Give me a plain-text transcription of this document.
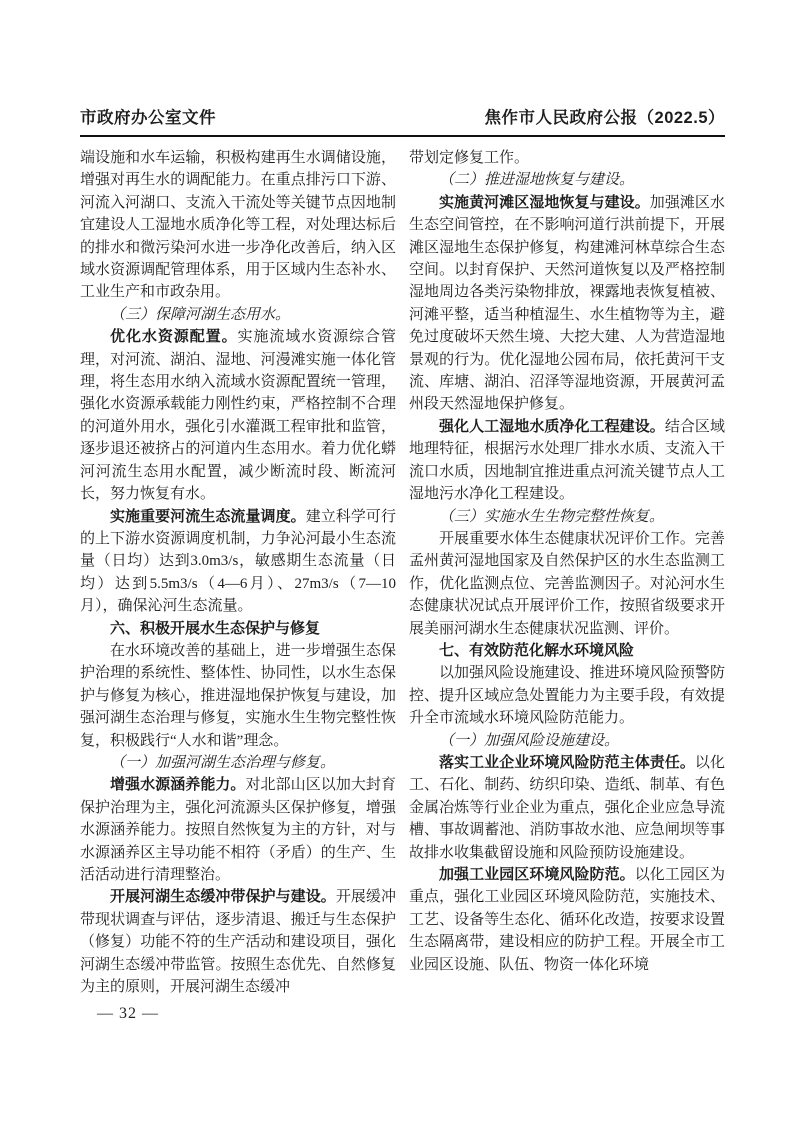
市政府办公室文件	焦作市人民政府公报（2022.5）

端设施和水车运输，积极构建再生水调储设施，增强对再生水的调配能力。在重点排污口下游、河流入河湖口、支流入干流处等关键节点因地制宜建设人工湿地水质净化等工程，对处理达标后的排水和微污染河水进一步净化改善后，纳入区域水资源调配管理体系，用于区域内生态补水、工业生产和市政杂用。

（三）保障河湖生态用水。

优化水资源配置。实施流域水资源综合管理，对河流、湖泊、湿地、河漫滩实施一体化管理，将生态用水纳入流域水资源配置统一管理，强化水资源承载能力刚性约束，严格控制不合理的河道外用水，强化引水灌溉工程审批和监管，逐步退还被挤占的河道内生态用水。着力优化蟒河河流生态用水配置，减少断流时段、断流河长，努力恢复有水。

实施重要河流生态流量调度。建立科学可行的上下游水资源调度机制，力争沁河最小生态流量（日均）达到3.0m3/s，敏感期生态流量（日均）达到5.5m3/s（4—6月）、27m3/s（7—10月），确保沁河生态流量。

六、积极开展水生态保护与修复

在水环境改善的基础上，进一步增强生态保护治理的系统性、整体性、协同性，以水生态保护与修复为核心，推进湿地保护恢复与建设，加强河湖生态治理与修复，实施水生生物完整性恢复，积极践行“人水和谐”理念。

（一）加强河湖生态治理与修复。

增强水源涵养能力。对北部山区以加大封育保护治理为主，强化河流源头区保护修复，增强水源涵养能力。按照自然恢复为主的方针，对与水源涵养区主导功能不相符（矛盾）的生产、生活活动进行清理整治。

开展河湖生态缓冲带保护与建设。开展缓冲带现状调查与评估，逐步清退、搬迁与生态保护（修复）功能不符的生产活动和建设项目，强化河湖生态缓冲带监管。按照生态优先、自然修复为主的原则，开展河湖生态缓冲

带划定修复工作。

（二）推进湿地恢复与建设。

实施黄河滩区湿地恢复与建设。加强滩区水生态空间管控，在不影响河道行洪前提下，开展滩区湿地生态保护修复，构建滩河林草综合生态空间。以封育保护、天然河道恢复以及严格控制湿地周边各类污染物排放，裸露地表恢复植被、河滩平整，适当种植湿生、水生植物等为主，避免过度破坏天然生境、大挖大建、人为营造湿地景观的行为。优化湿地公园布局，依托黄河干支流、库塘、湖泊、沼泽等湿地资源，开展黄河孟州段天然湿地保护修复。

强化人工湿地水质净化工程建设。结合区域地理特征，根据污水处理厂排水水质、支流入干流口水质，因地制宜推进重点河流关键节点人工湿地污水净化工程建设。

（三）实施水生生物完整性恢复。

开展重要水体生态健康状况评价工作。完善孟州黄河湿地国家及自然保护区的水生态监测工作，优化监测点位、完善监测因子。对沁河水生态健康状况试点开展评价工作，按照省级要求开展美丽河湖水生态健康状况监测、评价。

七、有效防范化解水环境风险

以加强风险设施建设、推进环境风险预警防控、提升区域应急处置能力为主要手段，有效提升全市流域水环境风险防范能力。

（一）加强风险设施建设。

落实工业企业环境风险防范主体责任。以化工、石化、制药、纺织印染、造纸、制革、有色金属冶炼等行业企业为重点，强化企业应急导流槽、事故调蓄池、消防事故水池、应急闸坝等事故排水收集截留设施和风险预防设施建设。

加强工业园区环境风险防范。以化工园区为重点，强化工业园区环境风险防范，实施技术、工艺、设备等生态化、循环化改造，按要求设置生态隔离带，建设相应的防护工程。开展全市工业园区设施、队伍、物资一体化环境

— 32 —
